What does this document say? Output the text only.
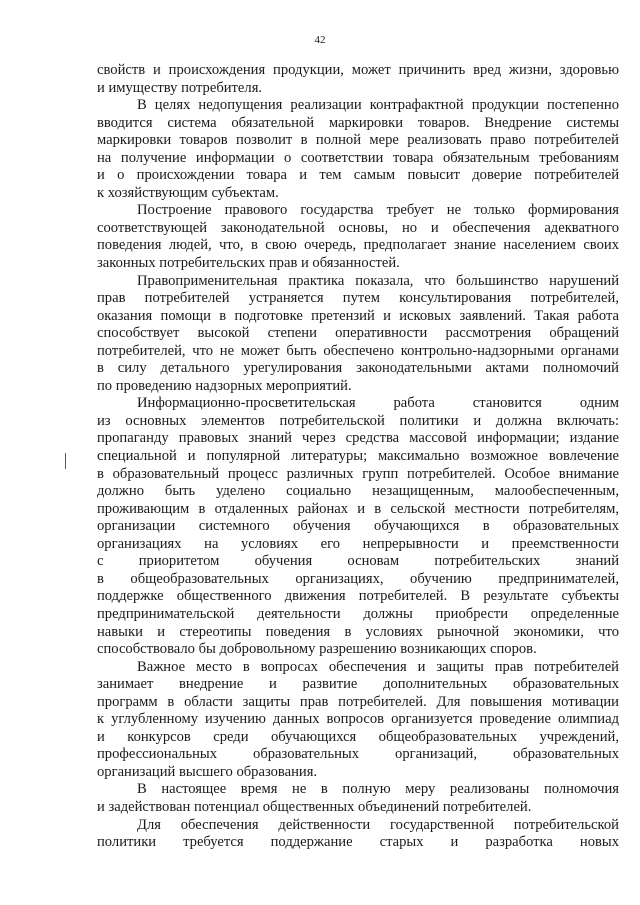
42
свойств и происхождения продукции, может причинить вред жизни, здоровью
и имуществу потребителя.
В целях недопущения реализации контрафактной продукции постепенно
вводится система обязательной маркировки товаров. Внедрение системы
маркировки товаров позволит в полной мере реализовать право потребителей
на получение информации о соответствии товара обязательным требованиям
и о происхождении товара и тем самым повысит доверие потребителей
к хозяйствующим субъектам.
Построение правового государства требует не только формирования
соответствующей законодательной основы, но и обеспечения адекватного
поведения людей, что, в свою очередь, предполагает знание населением своих
законных потребительских прав и обязанностей.
Правоприменительная практика показала, что большинство нарушений
прав потребителей устраняется путем консультирования потребителей,
оказания помощи в подготовке претензий и исковых заявлений. Такая работа
способствует высокой степени оперативности рассмотрения обращений
потребителей, что не может быть обеспечено контрольно-надзорными органами
в силу детального урегулирования законодательными актами полномочий
по проведению надзорных мероприятий.
Информационно-просветительская работа становится одним
из основных элементов потребительской политики и должна включать:
пропаганду правовых знаний через средства массовой информации; издание
специальной и популярной литературы; максимально возможное вовлечение
в образовательный процесс различных групп потребителей. Особое внимание
должно быть уделено социально незащищенным, малообеспеченным,
проживающим в отдаленных районах и в сельской местности потребителям,
организации системного обучения обучающихся в образовательных
организациях на условиях его непрерывности и преемственности
с приоритетом обучения основам потребительских знаний
в общеобразовательных организациях, обучению предпринимателей,
поддержке общественного движения потребителей. В результате субъекты
предпринимательской деятельности должны приобрести определенные
навыки и стереотипы поведения в условиях рыночной экономики, что
способствовало бы добровольному разрешению возникающих споров.
Важное место в вопросах обеспечения и защиты прав потребителей
занимает внедрение и развитие дополнительных образовательных
программ в области защиты прав потребителей. Для повышения мотивации
к углубленному изучению данных вопросов организуется проведение олимпиад
и конкурсов среди обучающихся общеобразовательных учреждений,
профессиональных образовательных организаций, образовательных
организаций высшего образования.
В настоящее время не в полную меру реализованы полномочия
и задействован потенциал общественных объединений потребителей.
Для обеспечения действенности государственной потребительской
политики требуется поддержание старых и разработка новых
